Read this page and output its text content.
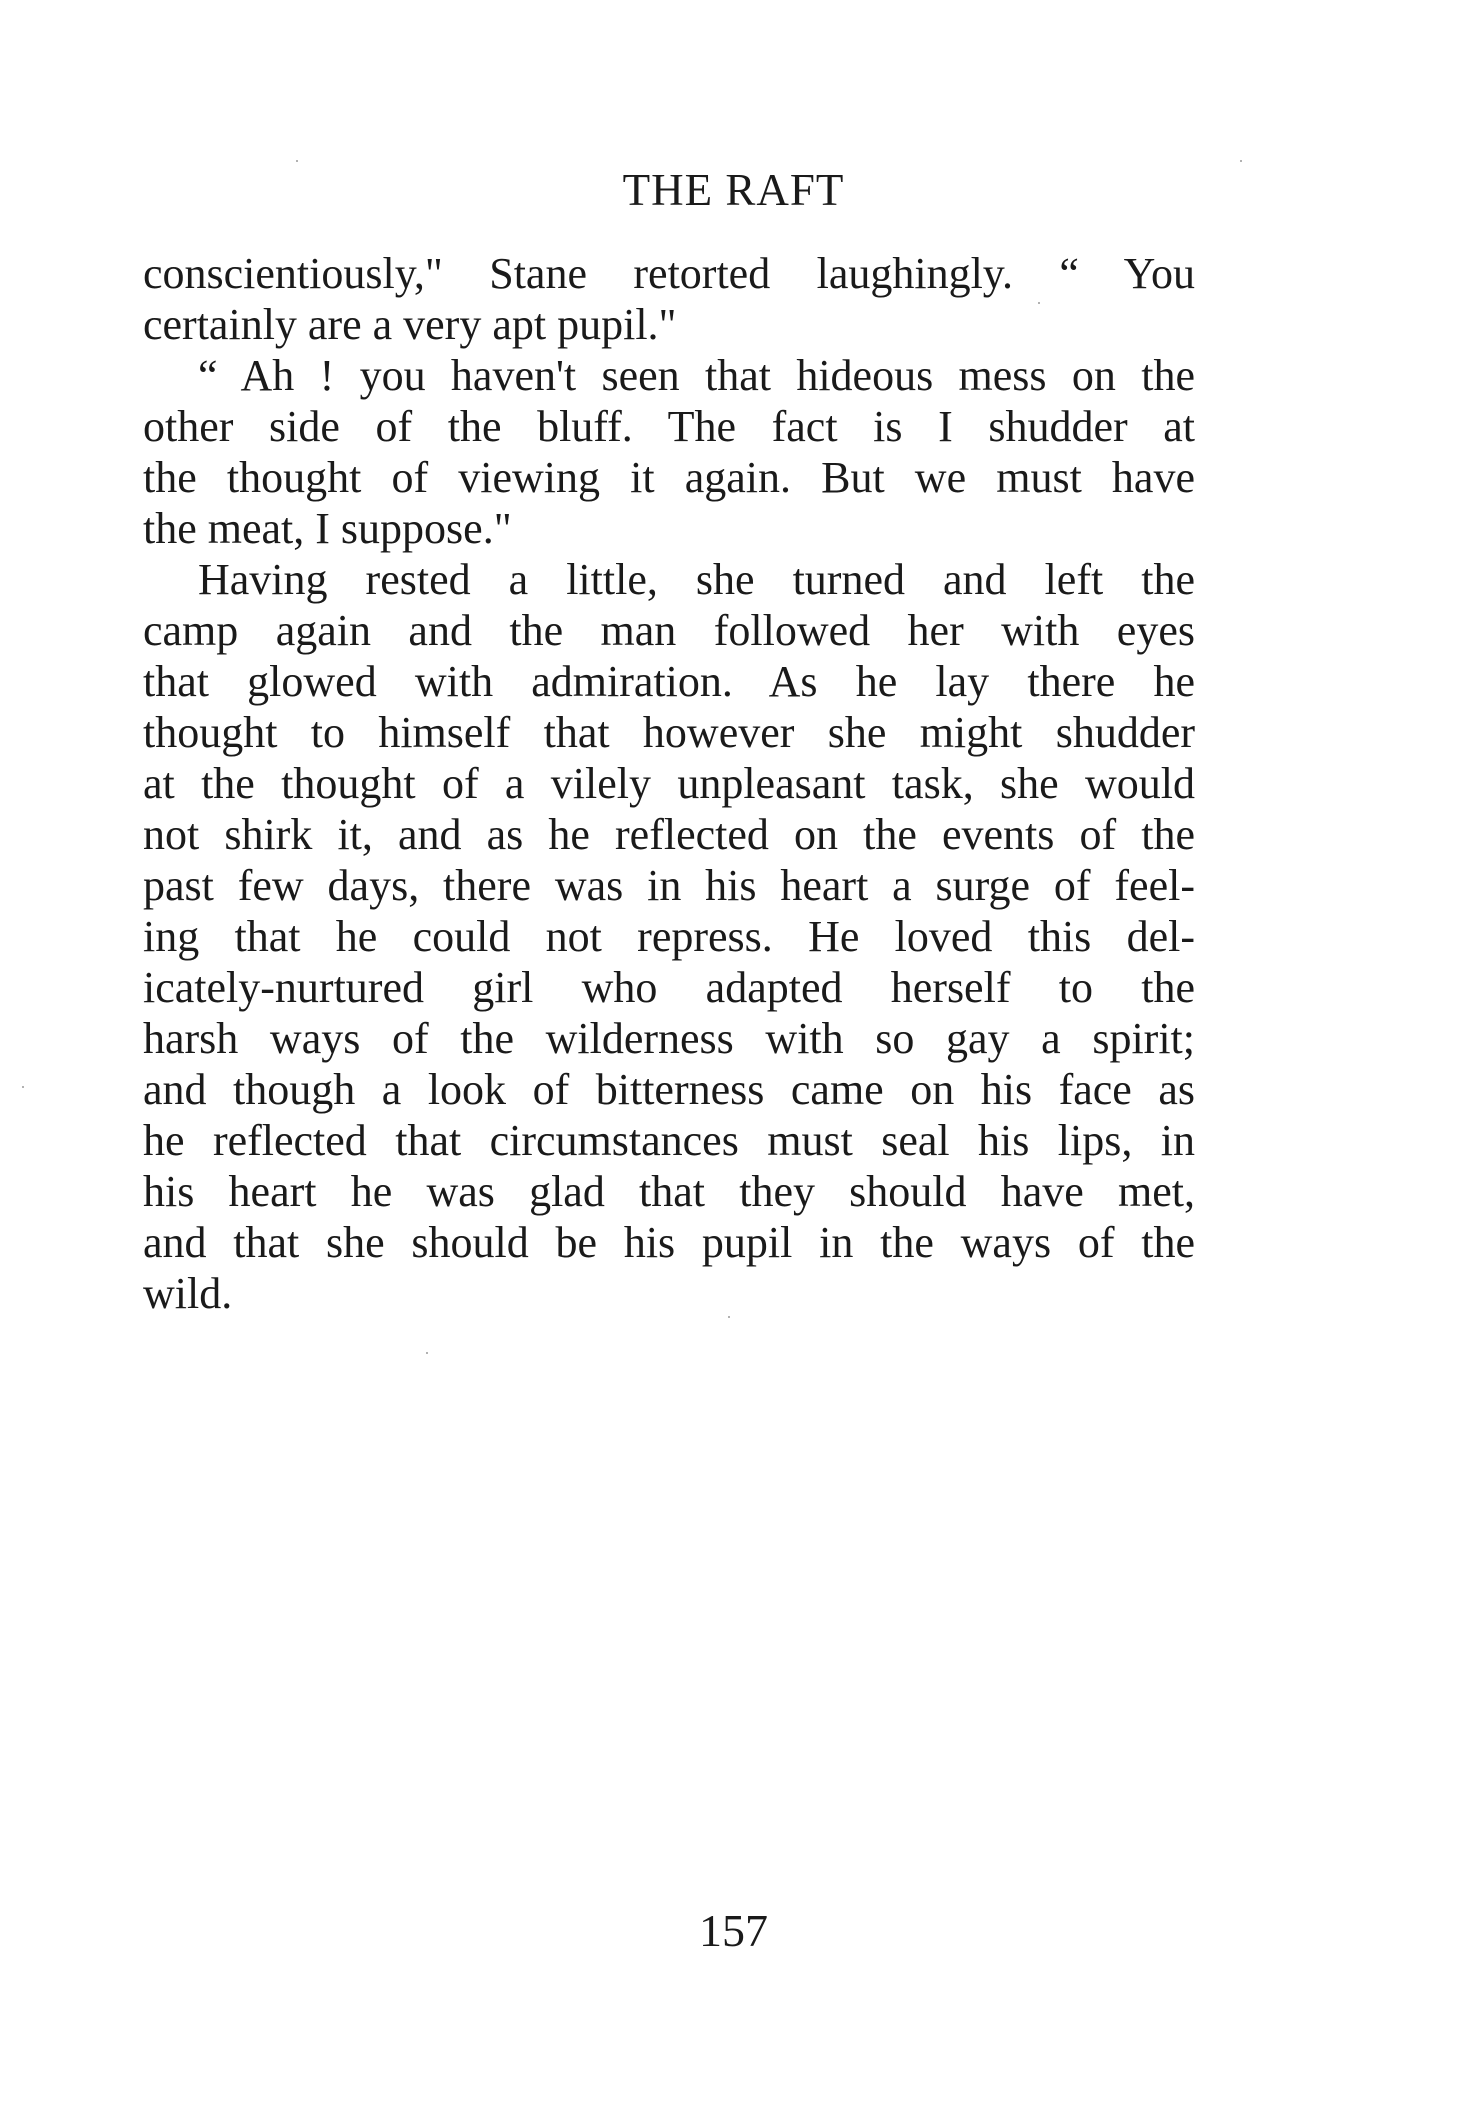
THE RAFT
conscientiously," Stane retorted laughingly. “ You
certainly are a very apt pupil."
“ Ah ! you haven't seen that hideous mess on the
other side of the bluff. The fact is I shudder at
the thought of viewing it again. But we must have
the meat, I suppose."
Having rested a little, she turned and left the
camp again and the man followed her with eyes
that glowed with admiration. As he lay there he
thought to himself that however she might shudder
at the thought of a vilely unpleasant task, she would
not shirk it, and as he reflected on the events of the
past few days, there was in his heart a surge of feel-
ing that he could not repress. He loved this del-
icately-nurtured girl who adapted herself to the
harsh ways of the wilderness with so gay a spirit;
and though a look of bitterness came on his face as
he reflected that circumstances must seal his lips, in
his heart he was glad that they should have met,
and that she should be his pupil in the ways of the
wild.
157
